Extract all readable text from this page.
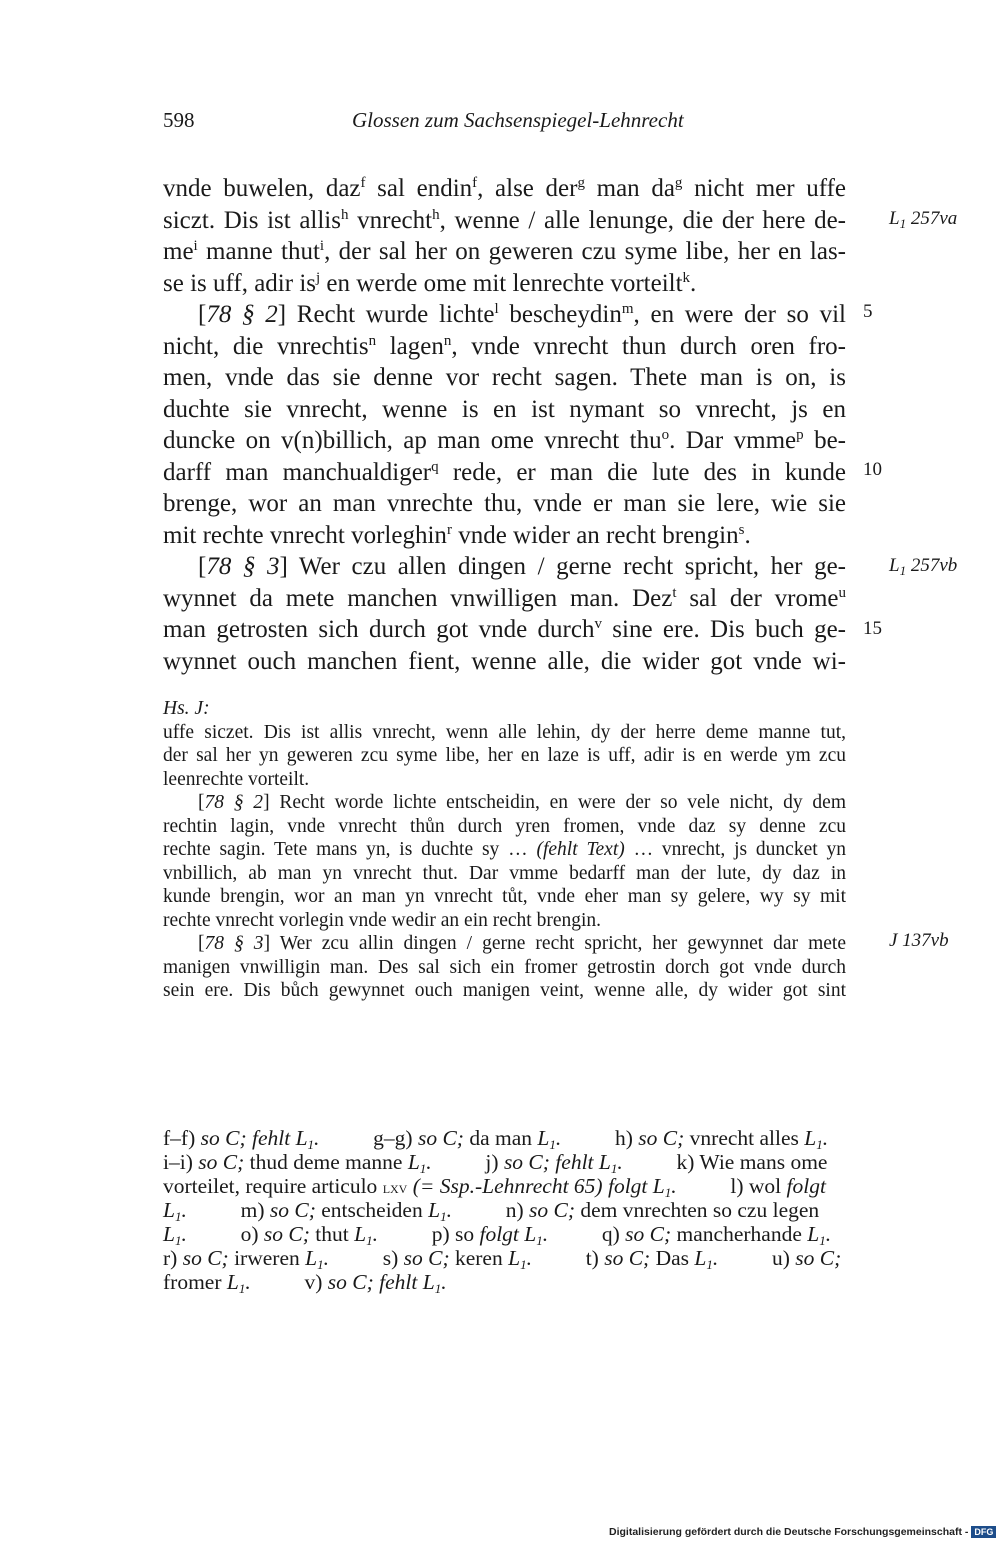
598	Glossen zum Sachsenspiegel-Lehnrecht
vnde buwelen, daz$^f$ sal endin$^f$, alse der$^g$ man $da^g$ nicht mer uffe
siczt. Dis ist allis$^h$ vnrecht$^h$, wenne / alle lenunge, die der here de-
$me^i$ manne thut$^i$, der sal her on geweren czu syme libe, her en las-
se is uff, adir $is^j$ en werde ome mit lenrechte vorteilt$^k$.
[78 § 2] Recht wurde lichte$^l$ bescheydin$^m$, en were der so vil
nicht, die vnrechtis$^n$ lagen$^n$, vnde vnrecht thun durch oren fro-
men, vnde das sie denne vor recht sagen. Thete man is on, is
duchte sie vnrecht, wenne is en ist nymant so vnrecht, js en
duncke on v(n)billich, ap man ome vnrecht thu$^o$. Dar vmme$^p$ be-
darff man manchualdiger$^q$ rede, er man die lute des in kunde
brenge, wor an man vnrechte thu, vnde er man sie lere, wie sie
mit rechte vnrecht vorleghin$^r$ vnde wider an recht brengin$^s$.
[78 § 3] Wer czu allen dingen / gerne recht spricht, her ge-
wynnet da mete manchen vnwilligen man. Dez$^t$ sal der vrome$^u$
man getrosten sich durch got vnde durch$^v$ sine ere. Dis buch ge-
wynnet ouch manchen fient, wenne alle, die wider got vnde wi-
5
10
15
$L_1$ 257va
$L_1$ 257vb
Hs. J:
uffe siczet. Dis ist allis vnrecht, wenn alle lehin, dy der herre deme manne tut,
der sal her yn geweren zcu syme libe, her en laze is uff, adir is en werde ym zcu
leenrechte vorteilt.
[78 § 2] Recht worde lichte entscheidin, en were der so vele nicht, dy dem
rechtin lagin, vnde vnrecht thůn durch yren fromen, vnde daz sy denne zcu
rechte sagin. Tete mans yn, is duchte sy … (fehlt Text) … vnrecht, js duncket yn
vnbillich, ab man yn vnrecht thut. Dar vmme bedarff man der lute, dy daz in
kunde brengin, wor an man yn vnrecht tůt, vnde eher man sy gelere, wy sy mit
rechte vnrecht vorlegin vnde wedir an ein recht brengin.
[78 § 3] Wer zcu allin dingen / gerne recht spricht, her gewynnet dar mete
manigen vnwilligin man. Des sal sich ein fromer getrostin dorch got vnde durch
sein ere. Dis bůch gewynnet ouch manigen veint, wenne alle, dy wider got sint
J 137vb
f–f) so C; fehlt $L_1$.          g–g) so C; da man $L_1$.          h) so C; vnrecht alles $L_1$.
i–i) so C; thud deme manne $L_1$.          j) so C; fehlt $L_1$.          k) Wie mans ome
vorteilet, require articulo lxv (= Ssp.-Lehnrecht 65) folgt $L_1$.          l) wol folgt
$L_1$.          m) so C; entscheiden $L_1$.          n) so C; dem vnrechten so czu legen
$L_1$.          o) so C; thut $L_1$.          p) so folgt $L_1$.          q) so C; mancherhande $L_1$.
r) so C; irweren $L_1$.          s) so C; keren $L_1$.          t) so C; Das $L_1$.          u) so C;
fromer $L_1$.          v) so C; fehlt $L_1$.
Digitalisierung gefördert durch die Deutsche Forschungsgemeinschaft - DFG
